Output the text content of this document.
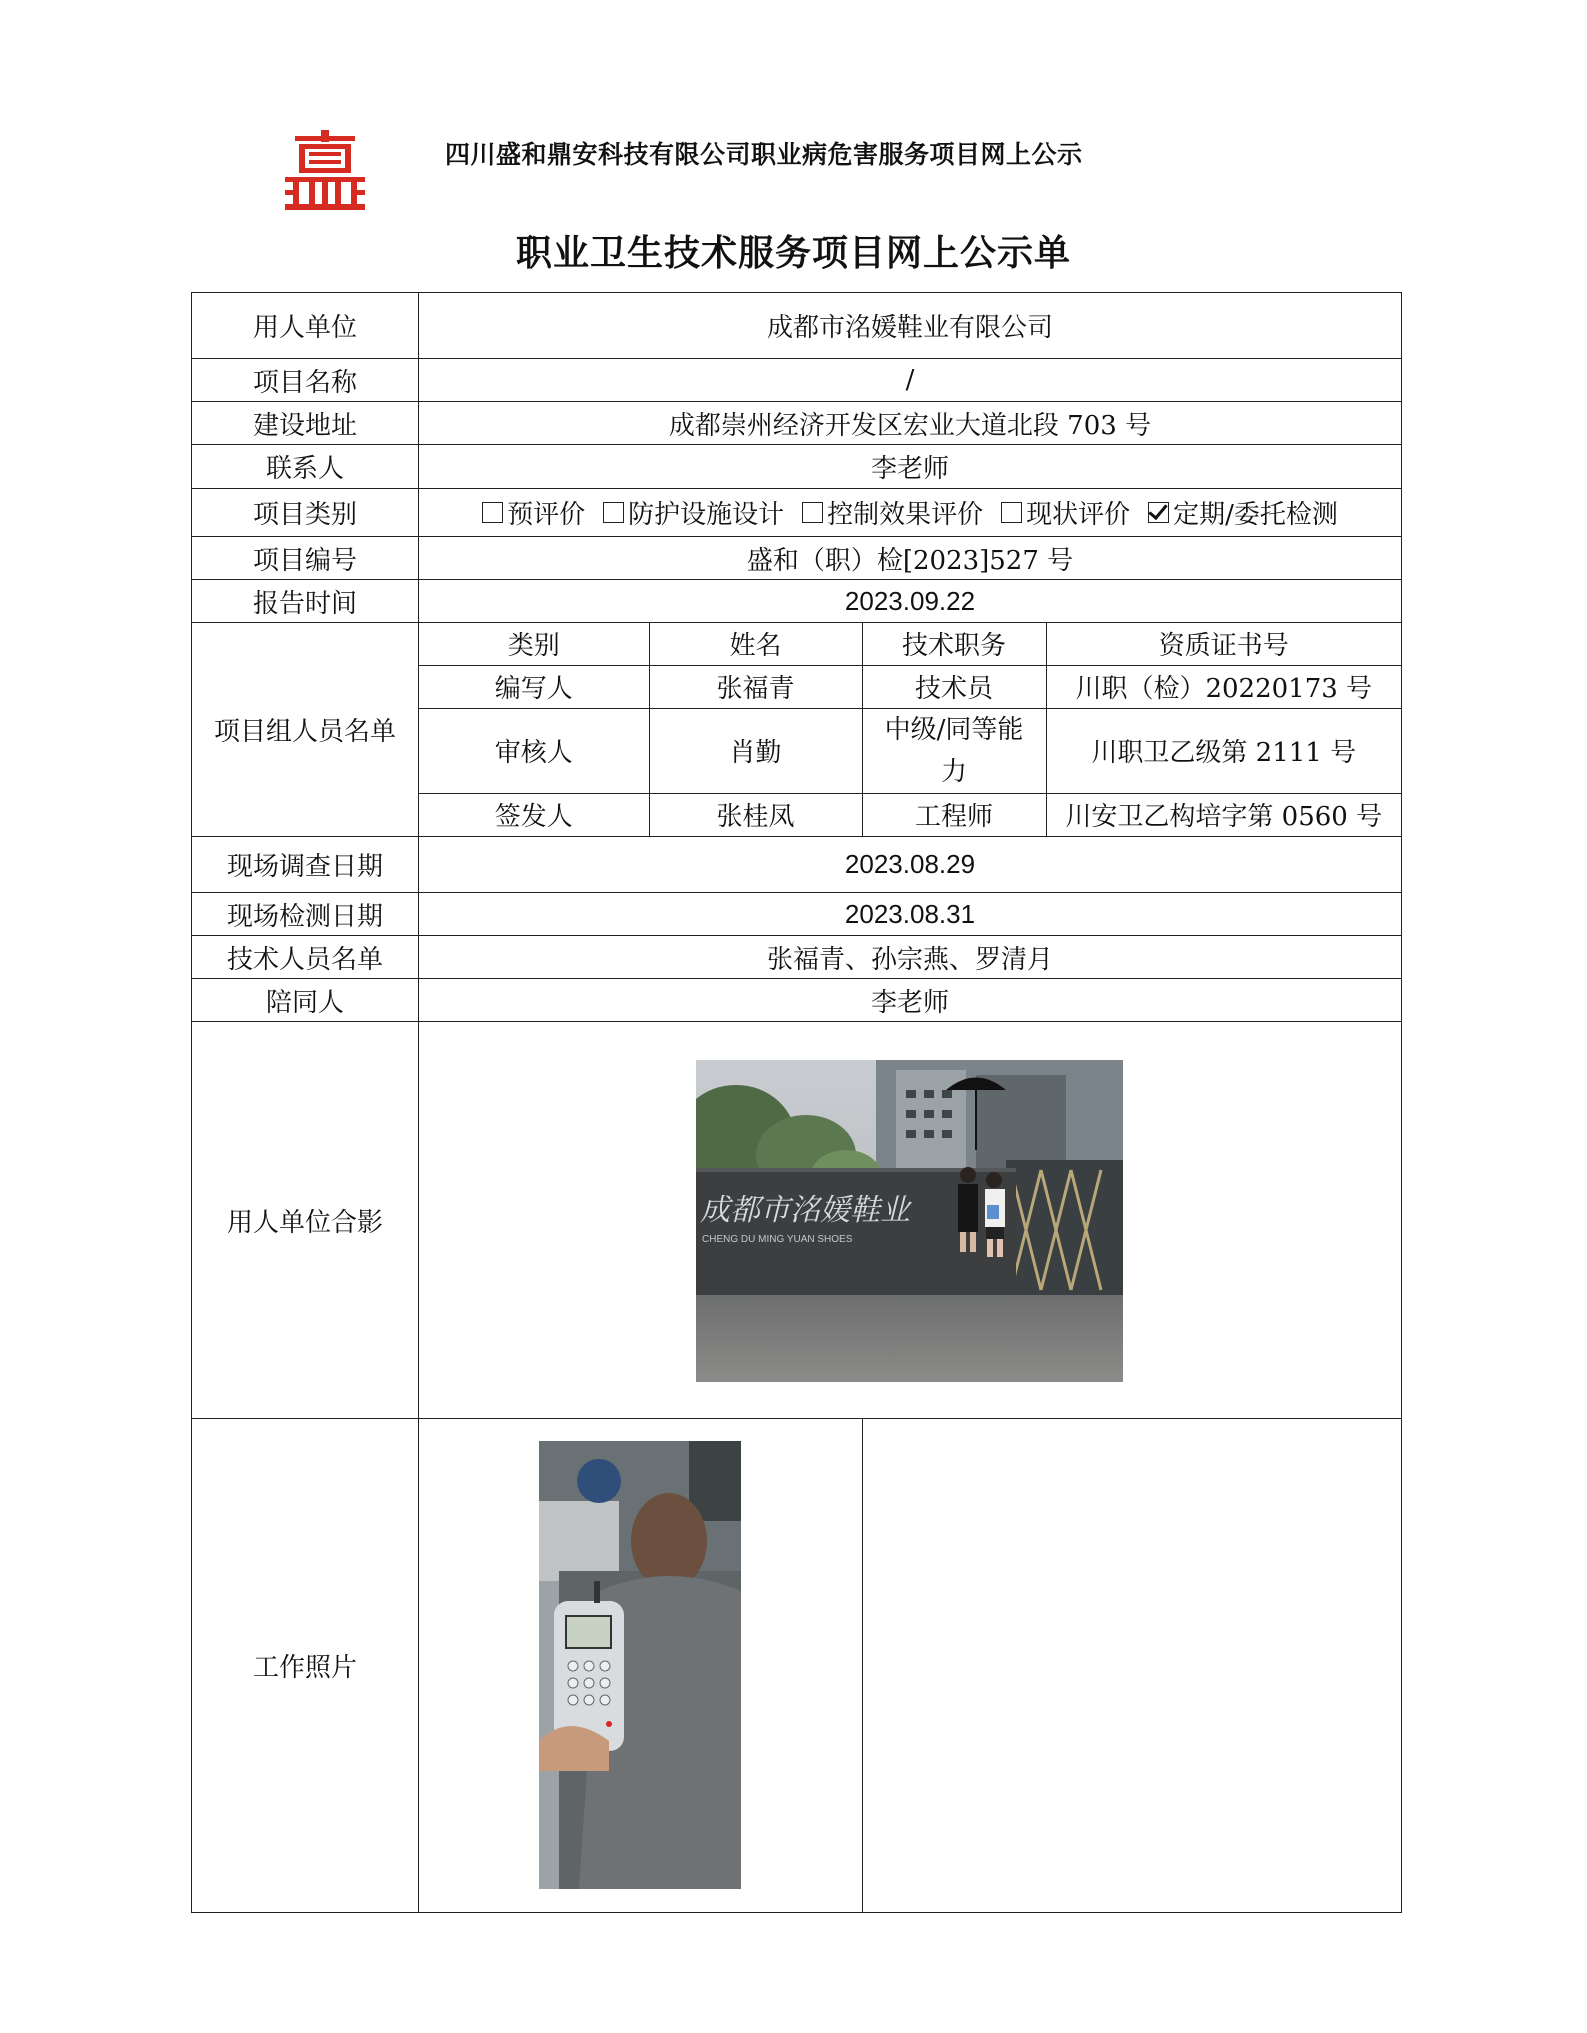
四川盛和鼎安科技有限公司职业病危害服务项目网上公示
职业卫生技术服务项目网上公示单
用人单位	成都市洺媛鞋业有限公司
项目名称	/
建设地址	成都崇州经济开发区宏业大道北段 703 号
联系人	李老师
项目类别	预评价 防护设施设计 控制效果评价 现状评价 定期/委托检测

项目编号	盛和（职）检[2023]527 号
报告时间	2023.09.22
项目组人员名单	
类别	姓名	技术职务	资质证书号
编写人	张福青	技术员	川职（检）20220173 号
审核人	肖勤	中级/同等能力	川职卫乙级第 2111 号
签发人	张桂凤	工程师	川安卫乙构培字第 0560 号

现场调查日期	2023.08.29
现场检测日期	2023.08.31
技术人员名单	张福青、孙宗燕、罗清月
陪同人	李老师
用人单位合影	成都市洺媛鞋业
CHENG DU MING YUAN SHOES

工作照片	
